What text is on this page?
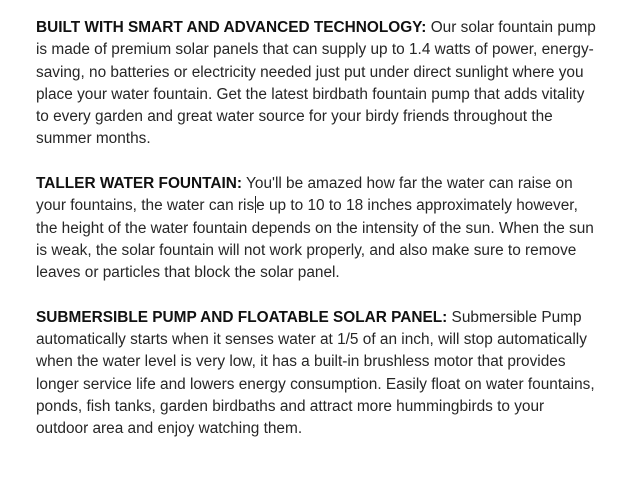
BUILT WITH SMART AND ADVANCED TECHNOLOGY: Our solar fountain pump is made of premium solar panels that can supply up to 1.4 watts of power, energy-saving, no batteries or electricity needed just put under direct sunlight where you place your water fountain. Get the latest birdbath fountain pump that adds vitality to every garden and great water source for your birdy friends throughout the summer months.

TALLER WATER FOUNTAIN: You'll be amazed how far the water can raise on your fountains, the water can ris e up to 10 to 18 inches approximately however, the height of the water fountain depends on the intensity of the sun. When the sun is weak, the solar fountain will not work properly, and also make sure to remove leaves or particles that block the solar panel.

SUBMERSIBLE PUMP AND FLOATABLE SOLAR PANEL: Submersible Pump automatically starts when it senses water at 1/5 of an inch, will stop automatically when the water level is very low, it has a built-in brushless motor that provides longer service life and lowers energy consumption. Easily float on water fountains, ponds, fish tanks, garden birdbaths and attract more hummingbirds to your outdoor area and enjoy watching them.
